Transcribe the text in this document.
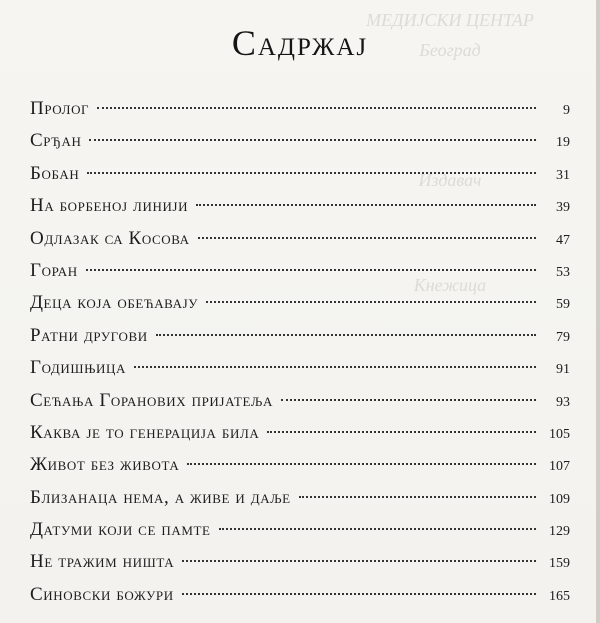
МЕДИЈСКИ ЦЕНТАР
Београд
Издавач
Кнежица
Садржај
Пролог	9
Срђан	19
Бобан	31
На борбеној линији	39
Одлазак са Косова	47
Горан	53
Деца која обећавају	59
Ратни другови	79
Годишњица	91
Сећања Горанових пријатеља	93
Каква је то генерација била	105
Живот без живота	107
Близанаца нема, а живе и даље	109
Датуми који се памте	129
Не тражим ништа	159
Синовски божури	165
